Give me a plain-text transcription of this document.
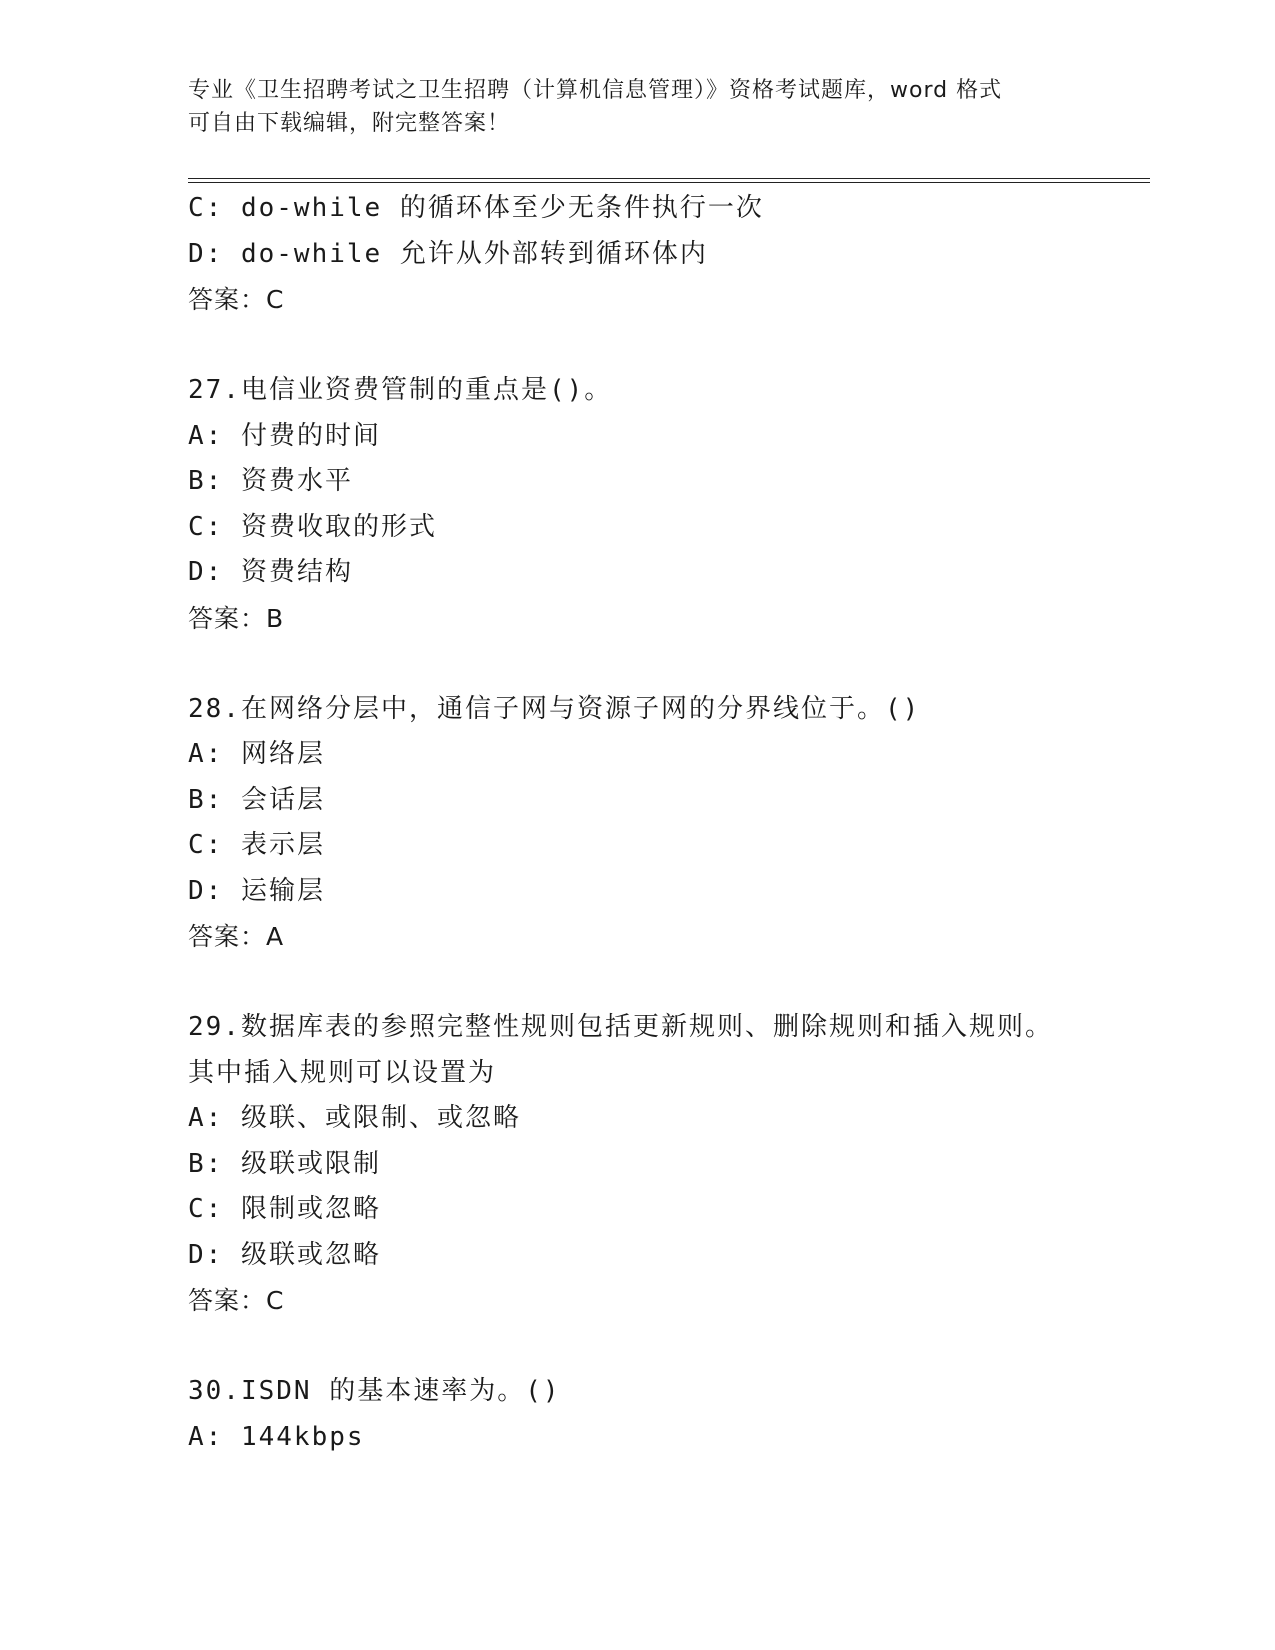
专业《卫生招聘考试之卫生招聘（计算机信息管理）》资格考试题库，word 格式
可自由下载编辑，附完整答案！
C: do-while 的循环体至少无条件执行一次
D: do-while 允许从外部转到循环体内
答案：C
27.电信业资费管制的重点是()。
A: 付费的时间
B: 资费水平
C: 资费收取的形式
D: 资费结构
答案：B
28.在网络分层中，通信子网与资源子网的分界线位于。()
A: 网络层
B: 会话层
C: 表示层
D: 运输层
答案：A
29.数据库表的参照完整性规则包括更新规则、删除规则和插入规则。
其中插入规则可以设置为
A: 级联、或限制、或忽略
B: 级联或限制
C: 限制或忽略
D: 级联或忽略
答案：C
30.ISDN 的基本速率为。()
A: 144kbps
